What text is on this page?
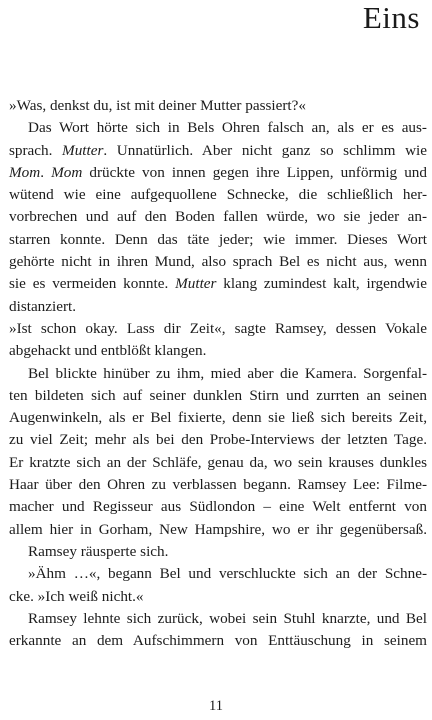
Eins
»Was, denkst du, ist mit deiner Mutter passiert?«
Das Wort hörte sich in Bels Ohren falsch an, als er es aus-
sprach. Mutter. Unnatürlich. Aber nicht ganz so schlimm wie
Mom. Mom drückte von innen gegen ihre Lippen, unförmig und
wütend wie eine aufgequollene Schnecke, die schließlich her-
vorbrechen und auf den Boden fallen würde, wo sie jeder an-
starren konnte. Denn das täte jeder; wie immer. Dieses Wort
gehörte nicht in ihren Mund, also sprach Bel es nicht aus, wenn
sie es vermeiden konnte. Mutter klang zumindest kalt, irgendwie
distanziert.
»Ist schon okay. Lass dir Zeit«, sagte Ramsey, dessen Vokale
abgehackt und entblößt klangen.
Bel blickte hinüber zu ihm, mied aber die Kamera. Sorgenfal-
ten bildeten sich auf seiner dunklen Stirn und zurrten an seinen
Augenwinkeln, als er Bel fixierte, denn sie ließ sich bereits Zeit,
zu viel Zeit; mehr als bei den Probe-Interviews der letzten Tage.
Er kratzte sich an der Schläfe, genau da, wo sein krauses dunkles
Haar über den Ohren zu verblassen begann. Ramsey Lee: Filme-
macher und Regisseur aus Südlondon – eine Welt entfernt von
allem hier in Gorham, New Hampshire, wo er ihr gegenübersaß.
Ramsey räusperte sich.
»Ähm …«, begann Bel und verschluckte sich an der Schne-
cke. »Ich weiß nicht.«
Ramsey lehnte sich zurück, wobei sein Stuhl knarzte, und Bel
erkannte an dem Aufschimmern von Enttäuschung in seinem
11
